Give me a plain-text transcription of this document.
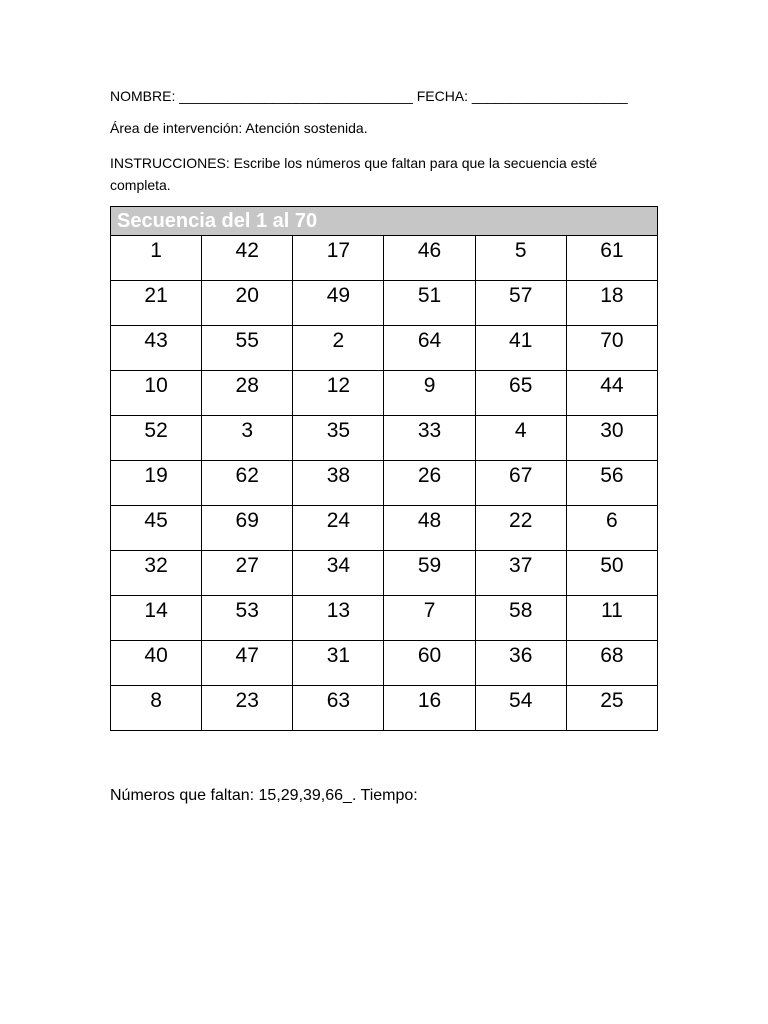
NOMBRE: ______________________________ FECHA: ____________________
Área de intervención: Atención sostenida.
INSTRUCCIONES: Escribe los números que faltan para que la secuencia esté completa.
Secuencia del 1 al 70
1	42	17	46	5	61
21	20	49	51	57	18
43	55	2	64	41	70
10	28	12	9	65	44
52	3	35	33	4	30
19	62	38	26	67	56
45	69	24	48	22	6
32	27	34	59	37	50
14	53	13	7	58	11
40	47	31	60	36	68
8	23	63	16	54	25
Números que faltan: 15,29,39,66_. Tiempo:
